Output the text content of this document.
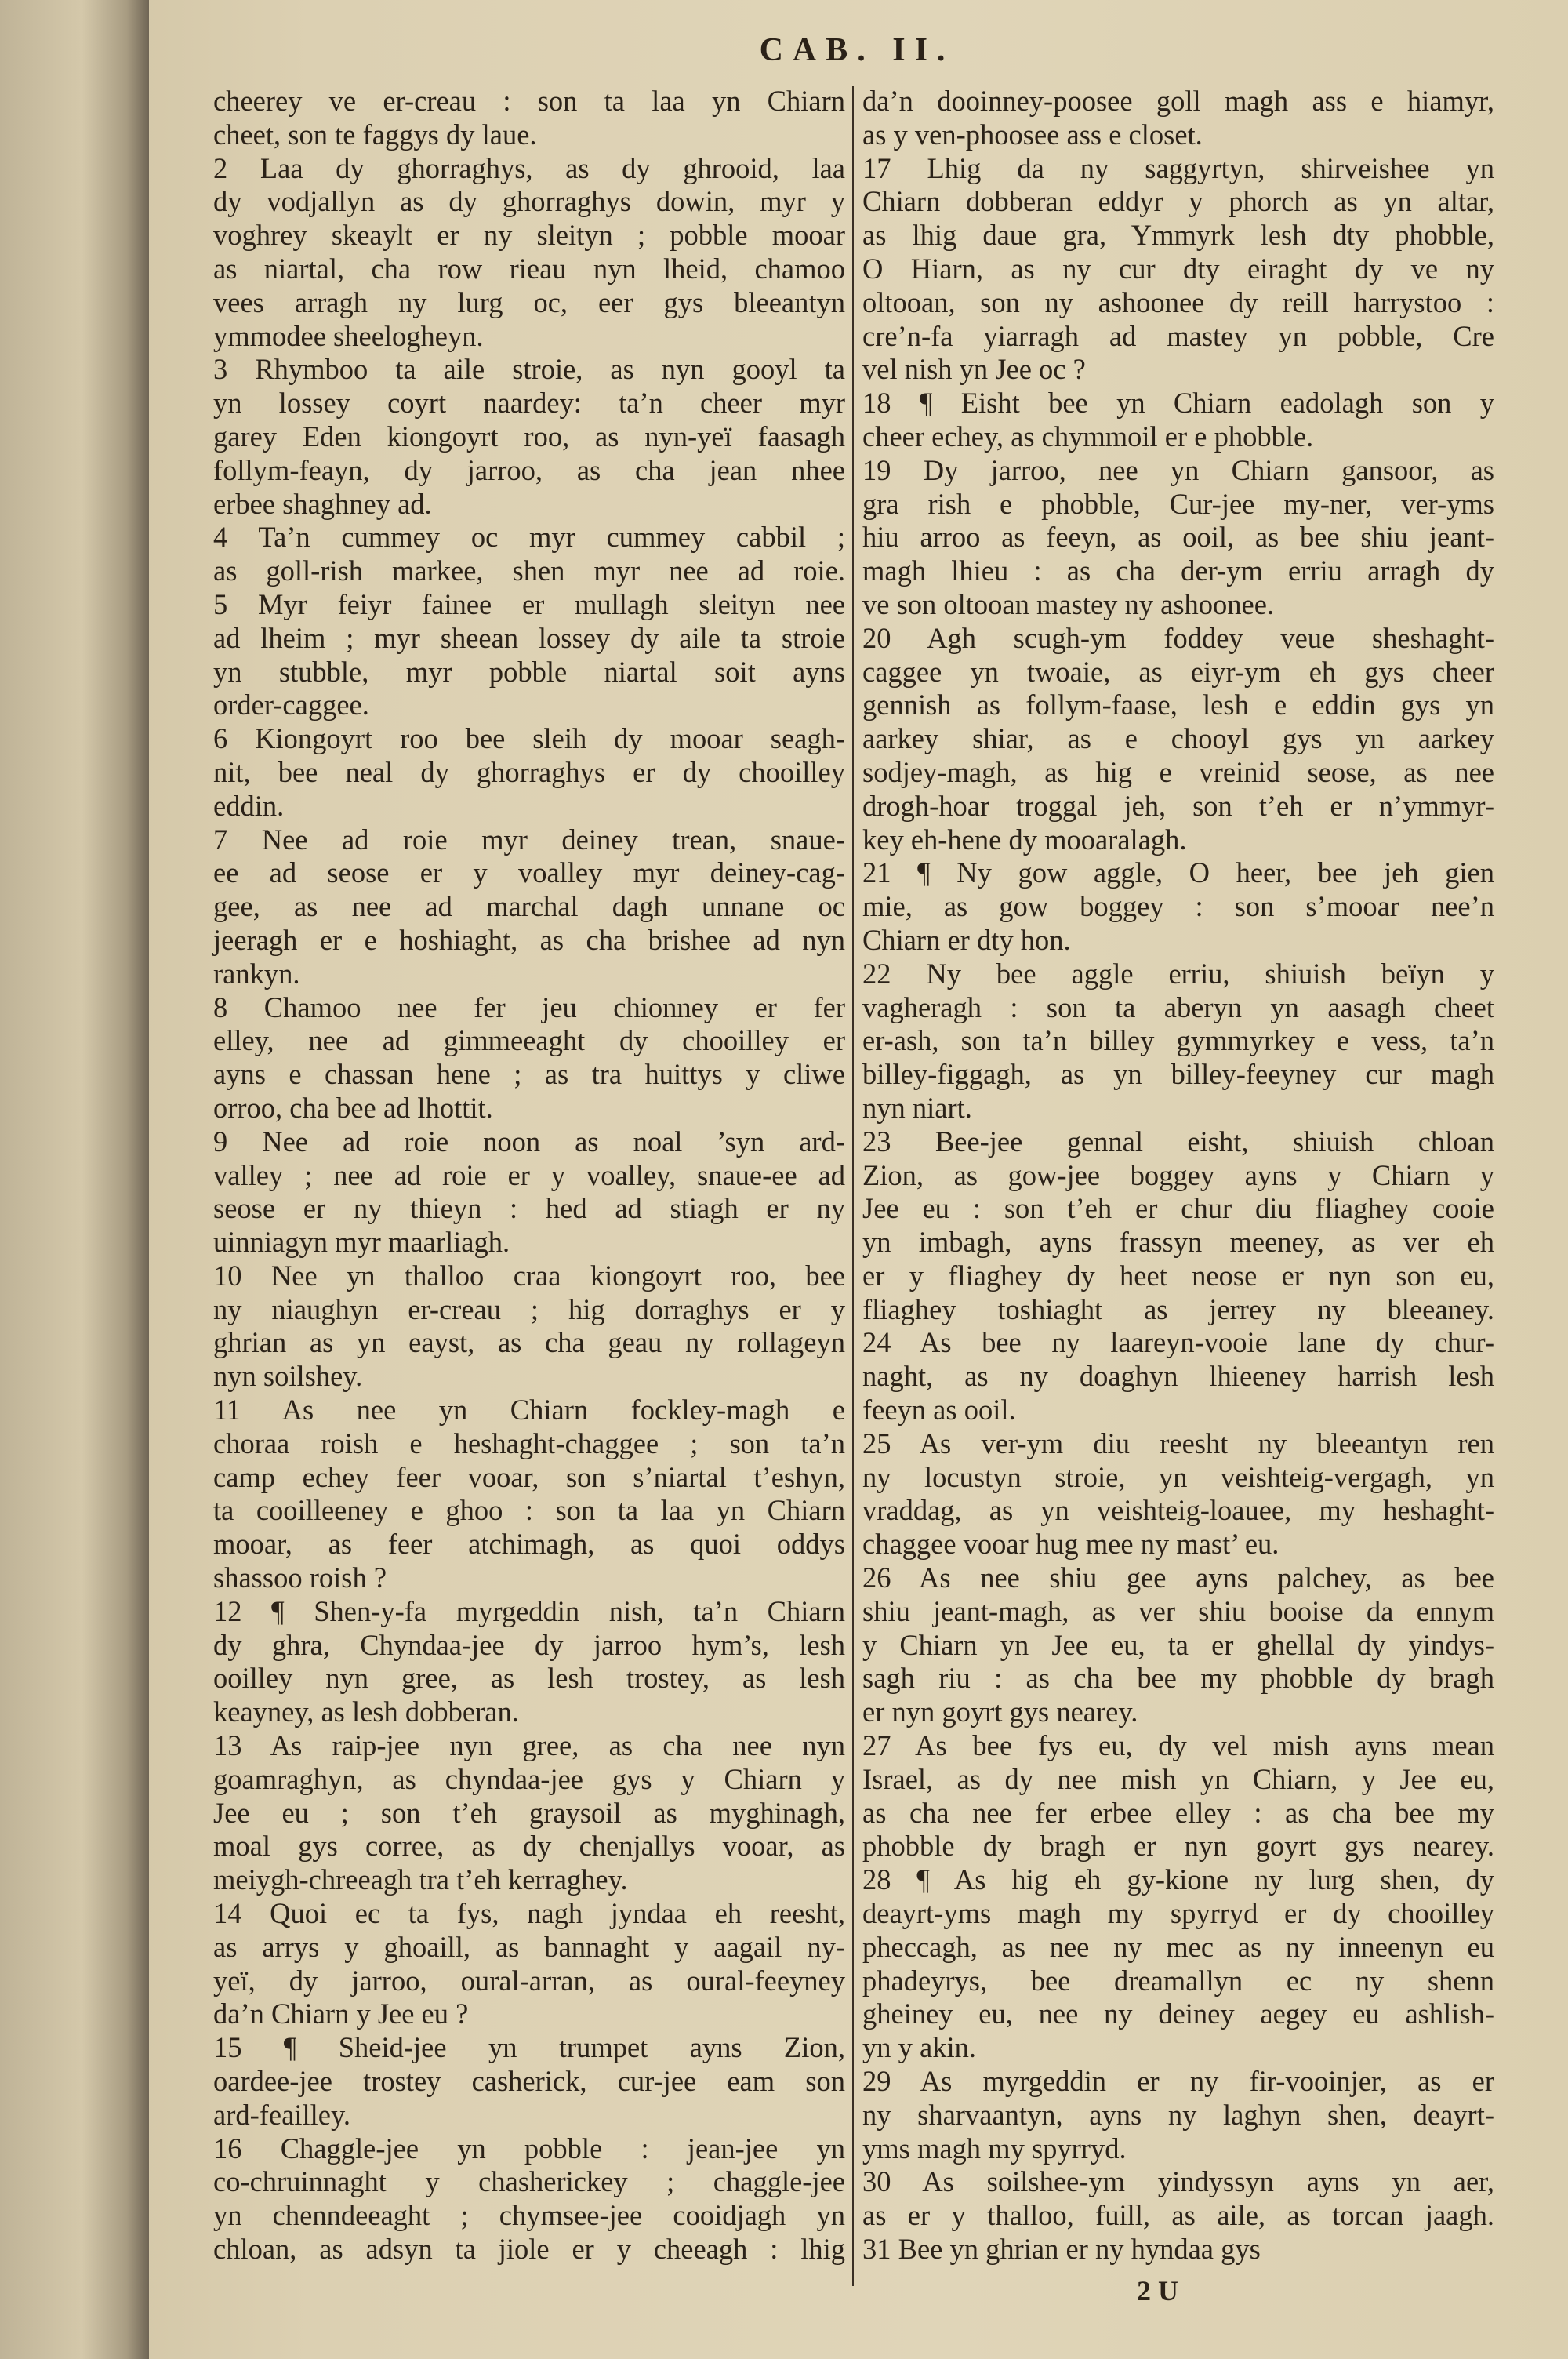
CAB. II.
cheerey ve er-creau : son ta laa yn Chiarn
cheet, son te faggys dy laue.
2 Laa dy ghorraghys, as dy ghrooid, laa
dy vodjallyn as dy ghorraghys dowin, myr y
voghrey skeaylt er ny sleityn ; pobble mooar
as niartal, cha row rieau nyn lheid, chamoo
vees arragh ny lurg oc, eer gys bleeantyn
ymmodee sheelogheyn.
3 Rhymboo ta aile stroie, as nyn gooyl ta
yn lossey coyrt naardey: ta’n cheer myr
garey Eden kiongoyrt roo, as nyn-yeï faasagh
follym-feayn, dy jarroo, as cha jean nhee
erbee shaghney ad.
4 Ta’n cummey oc myr cummey cabbil ;
as goll-rish markee, shen myr nee ad roie.
5 Myr feiyr fainee er mullagh sleityn nee
ad lheim ; myr sheean lossey dy aile ta stroie
yn stubble, myr pobble niartal soit ayns
order-caggee.
6 Kiongoyrt roo bee sleih dy mooar seagh-
nit, bee neal dy ghorraghys er dy chooilley
eddin.
7 Nee ad roie myr deiney trean, snaue-
ee ad seose er y voalley myr deiney-cag-
gee, as nee ad marchal dagh unnane oc
jeeragh er e hoshiaght, as cha brishee ad nyn
rankyn.
8 Chamoo nee fer jeu chionney er fer
elley, nee ad gimmeeaght dy chooilley er
ayns e chassan hene ; as tra huittys y cliwe
orroo, cha bee ad lhottit.
9 Nee ad roie noon as noal ’syn ard-
valley ; nee ad roie er y voalley, snaue-ee ad
seose er ny thieyn : hed ad stiagh er ny
uinniagyn myr maarliagh.
10 Nee yn thalloo craa kiongoyrt roo, bee
ny niaughyn er-creau ; hig dorraghys er y
ghrian as yn eayst, as cha geau ny rollageyn
nyn soilshey.
11 As nee yn Chiarn fockley-magh e
choraa roish e heshaght-chaggee ; son ta’n
camp echey feer vooar, son s’niartal t’eshyn,
ta cooilleeney e ghoo : son ta laa yn Chiarn
mooar, as feer atchimagh, as quoi oddys
shassoo roish ?
12 ¶ Shen-y-fa myrgeddin nish, ta’n Chiarn
dy ghra, Chyndaa-jee dy jarroo hym’s, lesh
ooilley nyn gree, as lesh trostey, as lesh
keayney, as lesh dobberan.
13 As raip-jee nyn gree, as cha nee nyn
goamraghyn, as chyndaa-jee gys y Chiarn y
Jee eu ; son t’eh graysoil as myghinagh,
moal gys corree, as dy chenjallys vooar, as
meiygh-chreeagh tra t’eh kerraghey.
14 Quoi ec ta fys, nagh jyndaa eh reesht,
as arrys y ghoaill, as bannaght y aagail ny-
yeï, dy jarroo, oural-arran, as oural-feeyney
da’n Chiarn y Jee eu ?
15 ¶ Sheid-jee yn trumpet ayns Zion,
oardee-jee trostey casherick, cur-jee eam son
ard-feailley.
16 Chaggle-jee yn pobble : jean-jee yn
co-chruinnaght y chasherickey ; chaggle-jee
yn chenndeeaght ; chymsee-jee cooidjagh yn
chloan, as adsyn ta jiole er y cheeagh : lhig
da’n dooinney-poosee goll magh ass e hiamyr,
as y ven-phoosee ass e closet.
17 Lhig da ny saggyrtyn, shirveishee yn
Chiarn dobberan eddyr y phorch as yn altar,
as lhig daue gra, Ymmyrk lesh dty phobble,
O Hiarn, as ny cur dty eiraght dy ve ny
oltooan, son ny ashoonee dy reill harrystoo :
cre’n-fa yiarragh ad mastey yn pobble, Cre
vel nish yn Jee oc ?
18 ¶ Eisht bee yn Chiarn eadolagh son y
cheer echey, as chymmoil er e phobble.
19 Dy jarroo, nee yn Chiarn gansoor, as
gra rish e phobble, Cur-jee my-ner, ver-yms
hiu arroo as feeyn, as ooil, as bee shiu jeant-
magh lhieu : as cha der-ym erriu arragh dy
ve son oltooan mastey ny ashoonee.
20 Agh scugh-ym foddey veue sheshaght-
caggee yn twoaie, as eiyr-ym eh gys cheer
gennish as follym-faase, lesh e eddin gys yn
aarkey shiar, as e chooyl gys yn aarkey
sodjey-magh, as hig e vreinid seose, as nee
drogh-hoar troggal jeh, son t’eh er n’ymmyr-
key eh-hene dy mooaralagh.
21 ¶ Ny gow aggle, O heer, bee jeh gien
mie, as gow boggey : son s’mooar nee’n
Chiarn er dty hon.
22 Ny bee aggle erriu, shiuish beïyn y
vagheragh : son ta aberyn yn aasagh cheet
er-ash, son ta’n billey gymmyrkey e vess, ta’n
billey-figgagh, as yn billey-feeyney cur magh
nyn niart.
23 Bee-jee gennal eisht, shiuish chloan
Zion, as gow-jee boggey ayns y Chiarn y
Jee eu : son t’eh er chur diu fliaghey cooie
yn imbagh, ayns frassyn meeney, as ver eh
er y fliaghey dy heet neose er nyn son eu,
fliaghey toshiaght as jerrey ny bleeaney.
24 As bee ny laareyn-vooie lane dy chur-
naght, as ny doaghyn lhieeney harrish lesh
feeyn as ooil.
25 As ver-ym diu reesht ny bleeantyn ren
ny locustyn stroie, yn veishteig-vergagh, yn
vraddag, as yn veishteig-loauee, my heshaght-
chaggee vooar hug mee ny mast’ eu.
26 As nee shiu gee ayns palchey, as bee
shiu jeant-magh, as ver shiu booise da ennym
y Chiarn yn Jee eu, ta er ghellal dy yindys-
sagh riu : as cha bee my phobble dy bragh
er nyn goyrt gys nearey.
27 As bee fys eu, dy vel mish ayns mean
Israel, as dy nee mish yn Chiarn, y Jee eu,
as cha nee fer erbee elley : as cha bee my
phobble dy bragh er nyn goyrt gys nearey.
28 ¶ As hig eh gy-kione ny lurg shen, dy
deayrt-yms magh my spyrryd er dy chooilley
pheccagh, as nee ny mec as ny inneenyn eu
phadeyrys, bee dreamallyn ec ny shenn
gheiney eu, nee ny deiney aegey eu ashlish-
yn y akin.
29 As myrgeddin er ny fir-vooinjer, as er
ny sharvaantyn, ayns ny laghyn shen, deayrt-
yms magh my spyrryd.
30 As soilshee-ym yindyssyn ayns yn aer,
as er y thalloo, fuill, as aile, as torcan jaagh.
31 Bee yn ghrian er ny hyndaa gys
2 U
